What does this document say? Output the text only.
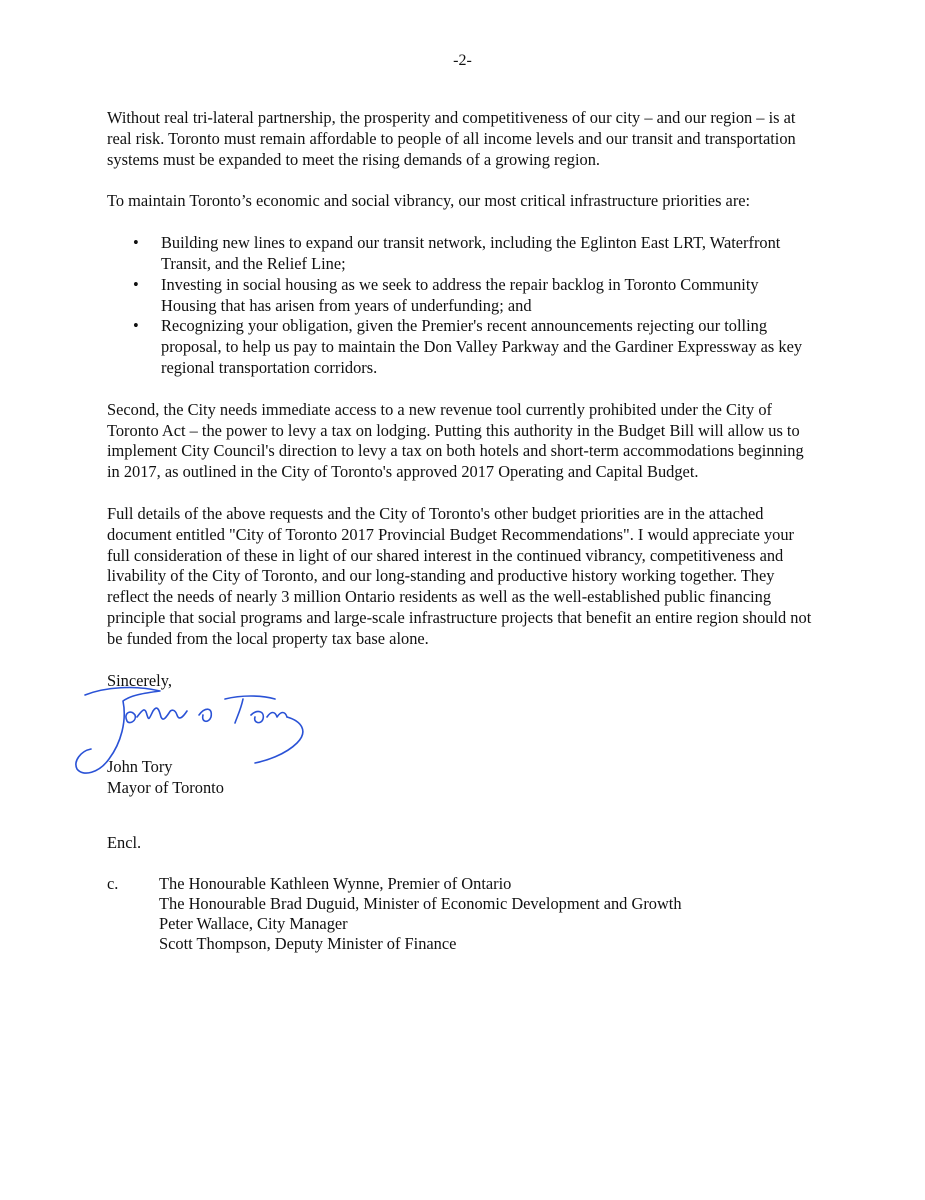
-2-

Without real tri-lateral partnership, the prosperity and competitiveness of our city – and our region – is at real risk. Toronto must remain affordable to people of all income levels and our transit and transportation systems must be expanded to meet the rising demands of a growing region.

To maintain Toronto’s economic and social vibrancy, our most critical infrastructure priorities are:

• Building new lines to expand our transit network, including the Eglinton East LRT, Waterfront Transit, and the Relief Line;
• Investing in social housing as we seek to address the repair backlog in Toronto Community Housing that has arisen from years of underfunding; and
• Recognizing your obligation, given the Premier's recent announcements rejecting our tolling proposal, to help us pay to maintain the Don Valley Parkway and the Gardiner Expressway as key regional transportation corridors.

Second, the City needs immediate access to a new revenue tool currently prohibited under the City of Toronto Act – the power to levy a tax on lodging. Putting this authority in the Budget Bill will allow us to implement City Council's direction to levy a tax on both hotels and short-term accommodations beginning in 2017, as outlined in the City of Toronto's approved 2017 Operating and Capital Budget.

Full details of the above requests and the City of Toronto's other budget priorities are in the attached document entitled "City of Toronto 2017 Provincial Budget Recommendations". I would appreciate your full consideration of these in light of our shared interest in the continued vibrancy, competitiveness and livability of the City of Toronto, and our long-standing and productive history working together. They reflect the needs of nearly 3 million Ontario residents as well as the well-established public financing principle that social programs and large-scale infrastructure projects that benefit an entire region should not be funded from the local property tax base alone.

Sincerely,
John Tory
Mayor of Toronto
Encl.
c. The Honourable Kathleen Wynne, Premier of Ontario
The Honourable Brad Duguid, Minister of Economic Development and Growth
Peter Wallace, City Manager
Scott Thompson, Deputy Minister of Finance
